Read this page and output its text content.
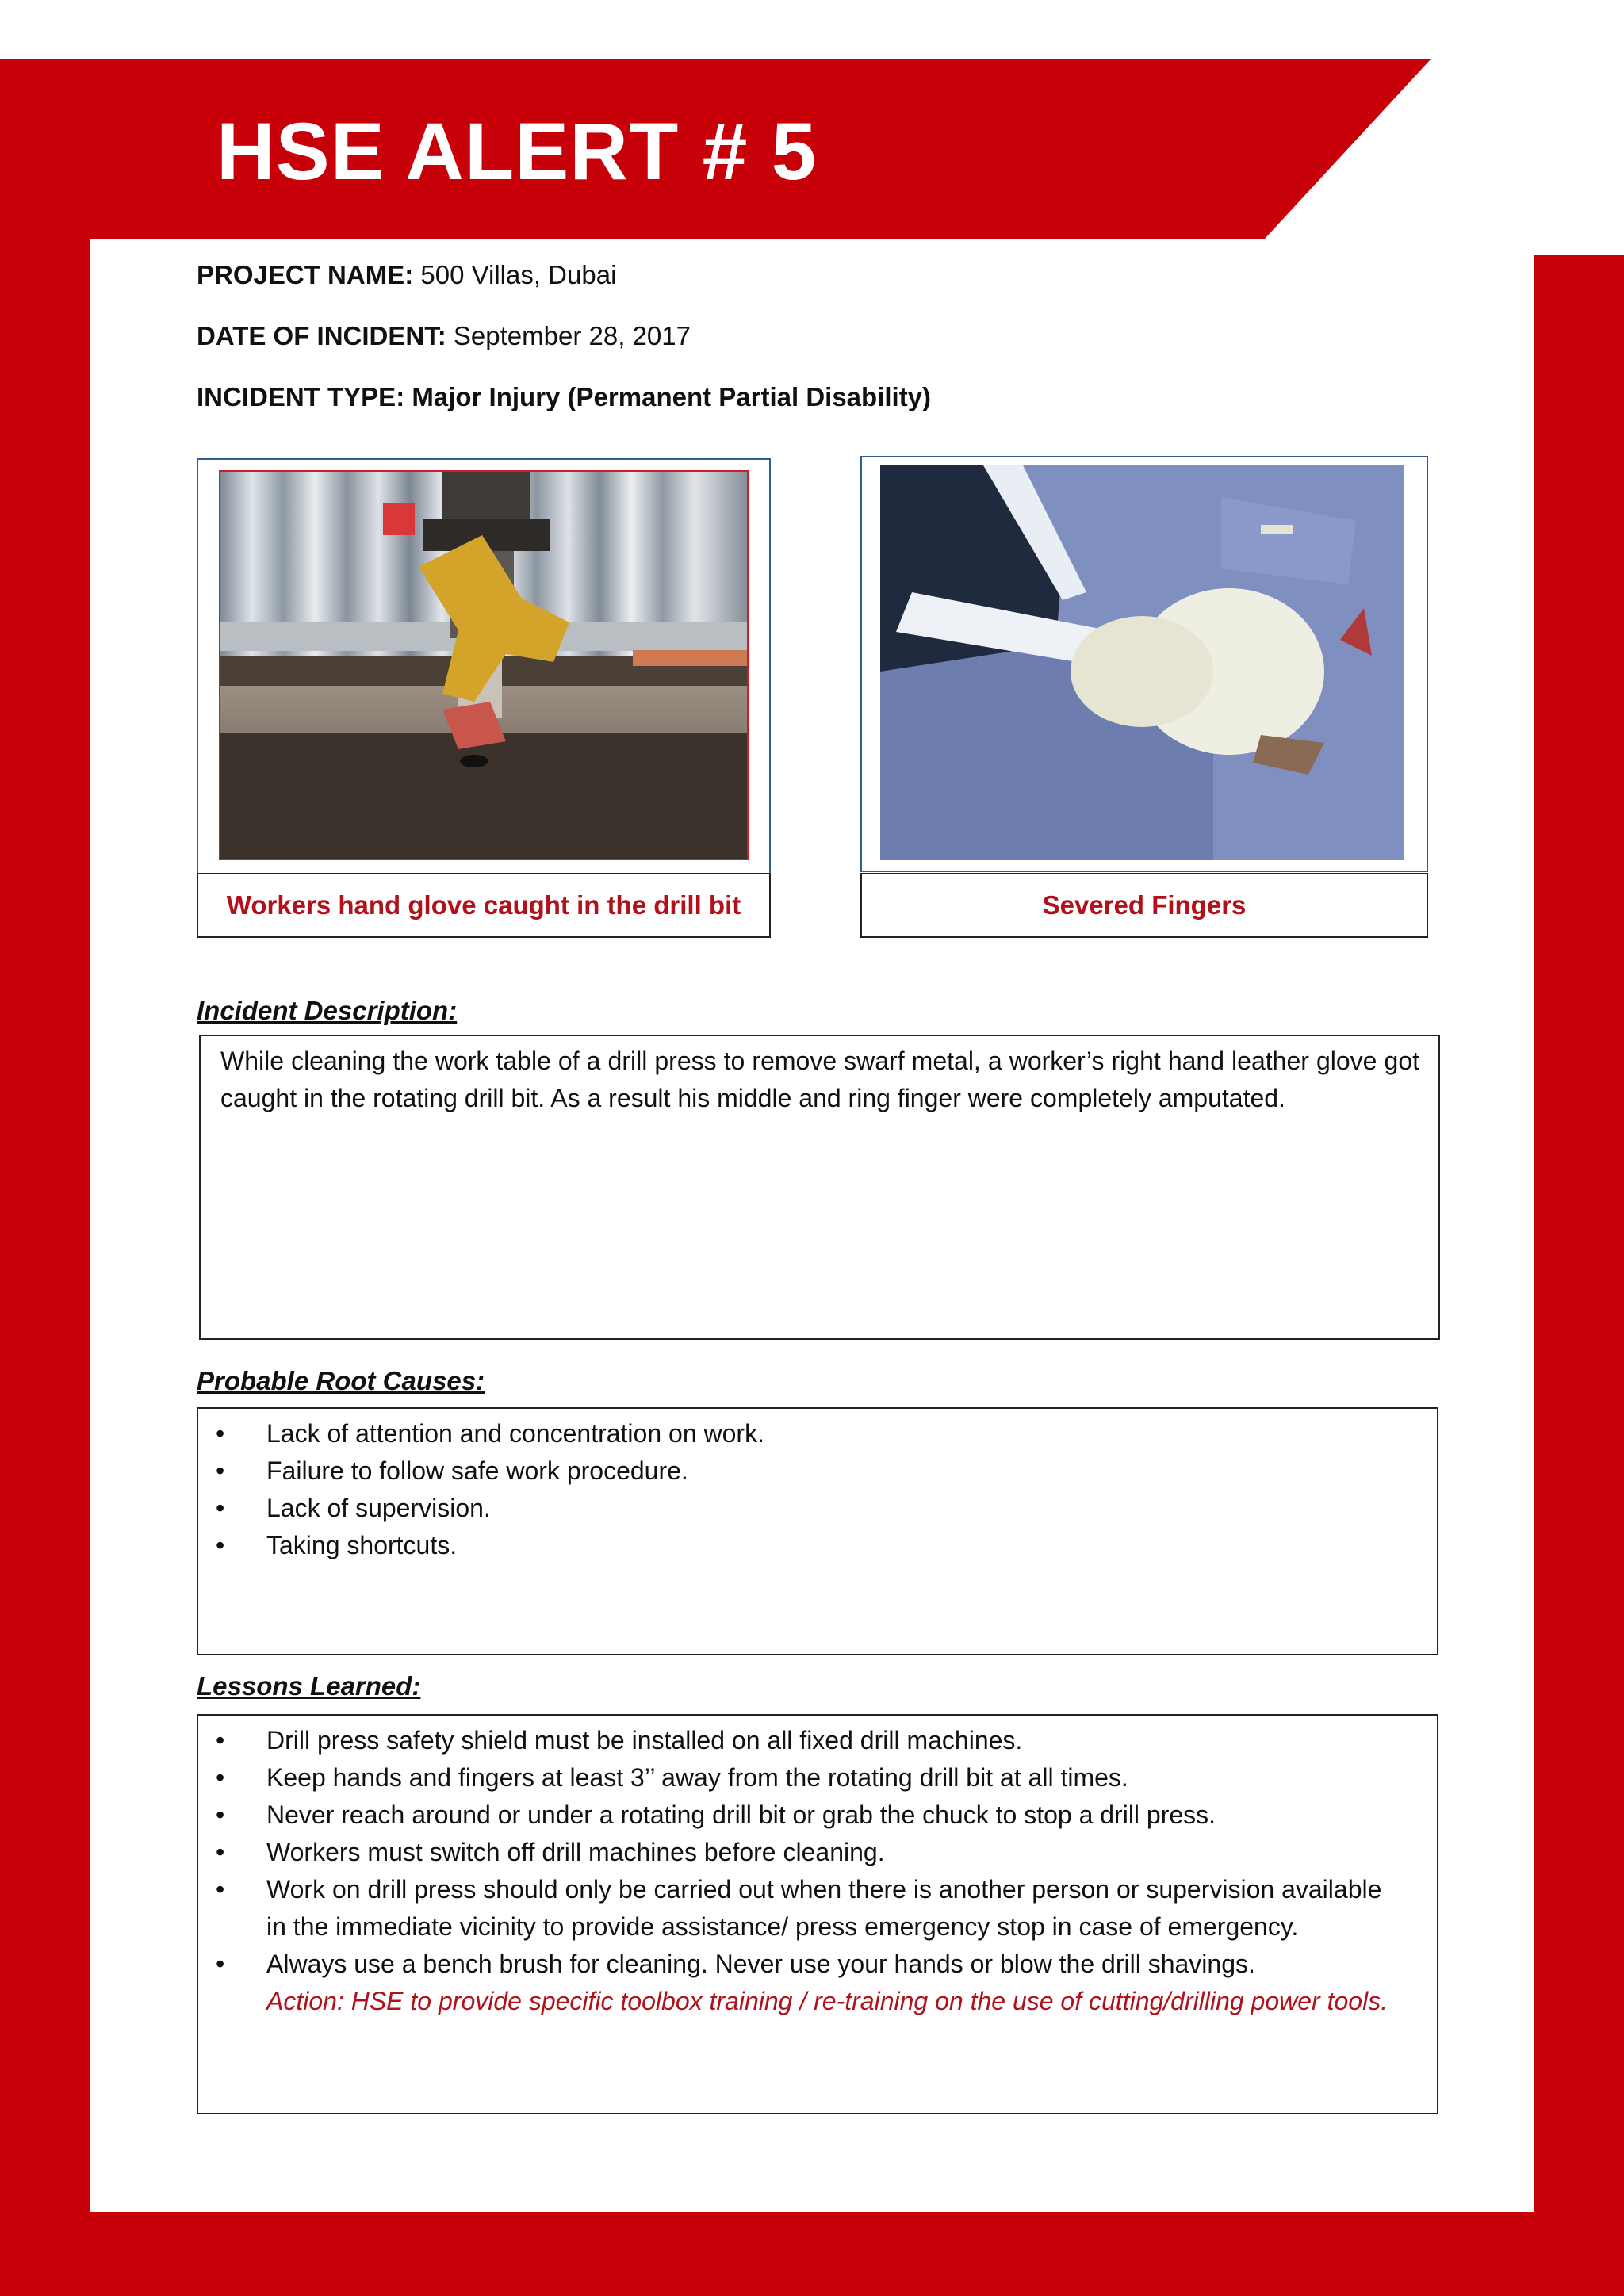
HSE ALERT # 5

PROJECT NAME: 500 Villas, Dubai

DATE OF INCIDENT: September 28, 2017

INCIDENT TYPE: Major Injury (Permanent Partial Disability)

Workers hand glove caught in the drill bit	Severed Fingers
Incident Description:

While cleaning the work table of a drill press to remove swarf metal, a worker’s right hand leather glove got caught in the rotating drill bit. As a result his middle and ring finger were completely amputated.

Probable Root Causes:
• Lack of attention and concentration on work.
• Failure to follow safe work procedure.
• Lack of supervision.
• Taking shortcuts.
Lessons Learned:
• Drill press safety shield must be installed on all fixed drill machines.
• Keep hands and fingers at least 3’’ away from the rotating drill bit at all times.
• Never reach around or under a rotating drill bit or grab the chuck to stop a drill press.
• Workers must switch off drill machines before cleaning.
• Work on drill press should only be carried out when there is another person or supervision available in the immediate vicinity to provide assistance/ press emergency stop in case of emergency.
• Always use a bench brush for cleaning. Never use your hands or blow the drill shavings.
Action: HSE to provide specific toolbox training / re-training on the use of cutting/drilling power tools.
